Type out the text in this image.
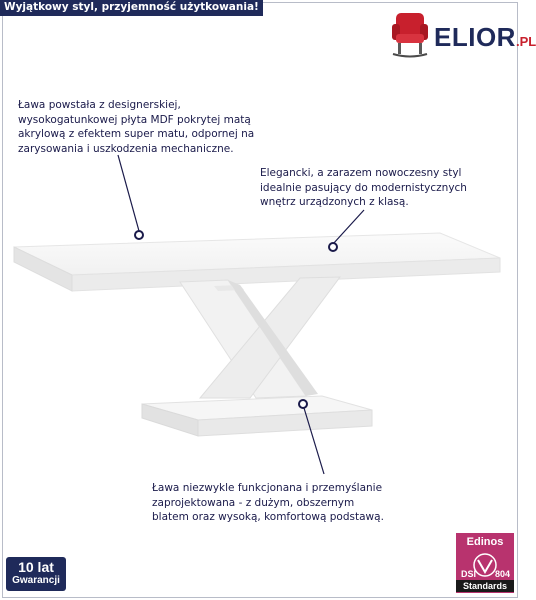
Wyjątkowy styl, przyjemność użytkowania!
ELIOR.PL
Ława powstała z designerskiej,
wysokogatunkowej płyta MDF pokrytej matą
akrylową z efektem super matu, odpornej na
zarysowania i uszkodzenia mechaniczne.
Elegancki, a zarazem nowoczesny styl
idealnie pasujący do modernistycznych
wnętrz urządzonych z klasą.
Ława niezwykle funkcjonana i przemyślanie
zaprojektowana - z dużym, obszernym
blatem oraz wysoką, komfortową podstawą.
10 lat
Gwarancji
Edinos
DSI 804
Standards
